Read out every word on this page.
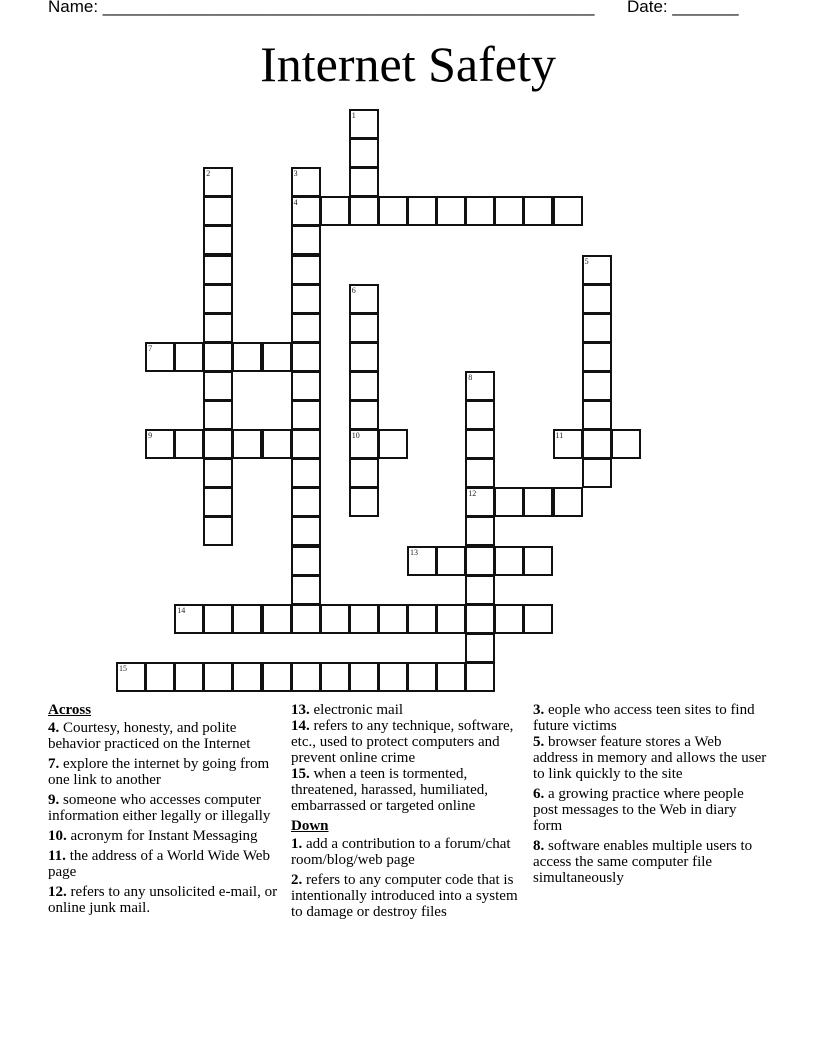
Name: ____________________________________________________ Date: _______
Internet Safety
1
2	3
4
5
6
10
7
8
12
9	11
13
14
15
Across
4. Courtesy, honesty, and polite behavior practiced on the Internet
7. explore the internet by going from one link to another
9. someone who accesses computer information either legally or illegally
10. acronym for Instant Messaging
11. the address of a World Wide Web page
12. refers to any unsolicited e-mail, or online junk mail.
13. electronic mail
14. refers to any technique, software, etc., used to protect computers and prevent online crime
15. when a teen is tormented, threatened, harassed, humiliated, embarrassed or targeted online
Down
1. add a contribution to a forum/chat room/blog/web page
2. refers to any computer code that is intentionally introduced into a system to damage or destroy files
3. eople who access teen sites to find future victims
5. browser feature stores a Web address in memory and allows the user to link quickly to the site
6. a growing practice where people post messages to the Web in diary form
8. software enables multiple users to access the same computer file simultaneously
